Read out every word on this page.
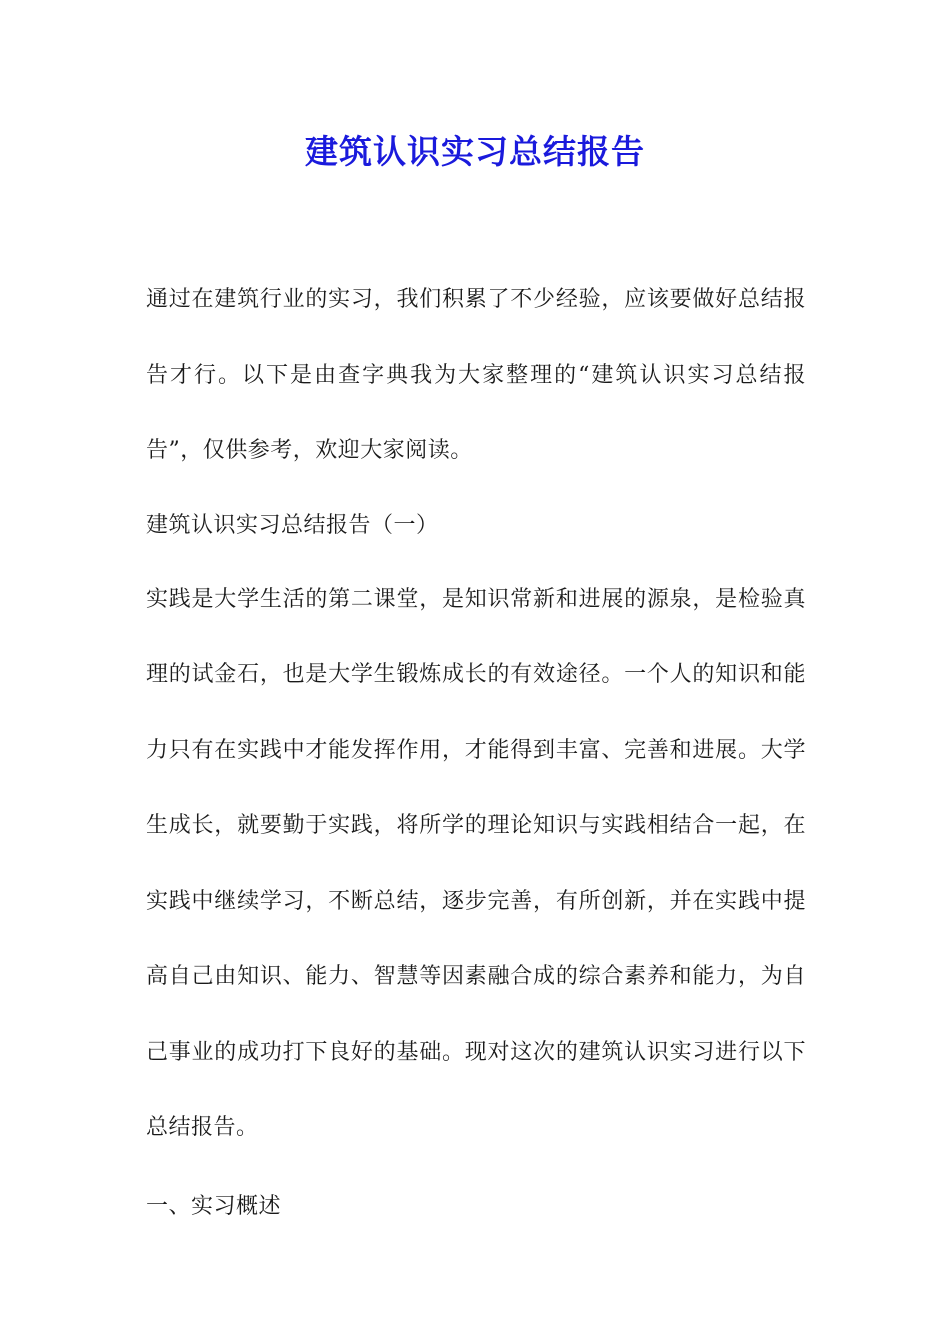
建筑认识实习总结报告

通过在建筑行业的实习，我们积累了不少经验，应该要做好总结报告才行。以下是由查字典我为大家整理的“建筑认识实习总结报告”，仅供参考，欢迎大家阅读。

建筑认识实习总结报告（一）

实践是大学生活的第二课堂，是知识常新和进展的源泉，是检验真理的试金石，也是大学生锻炼成长的有效途径。一个人的知识和能力只有在实践中才能发挥作用，才能得到丰富、完善和进展。大学生成长，就要勤于实践，将所学的理论知识与实践相结合一起，在实践中继续学习，不断总结，逐步完善，有所创新，并在实践中提高自己由知识、能力、智慧等因素融合成的综合素养和能力，为自己事业的成功打下良好的基础。现对这次的建筑认识实习进行以下总结报告。

一、实习概述
